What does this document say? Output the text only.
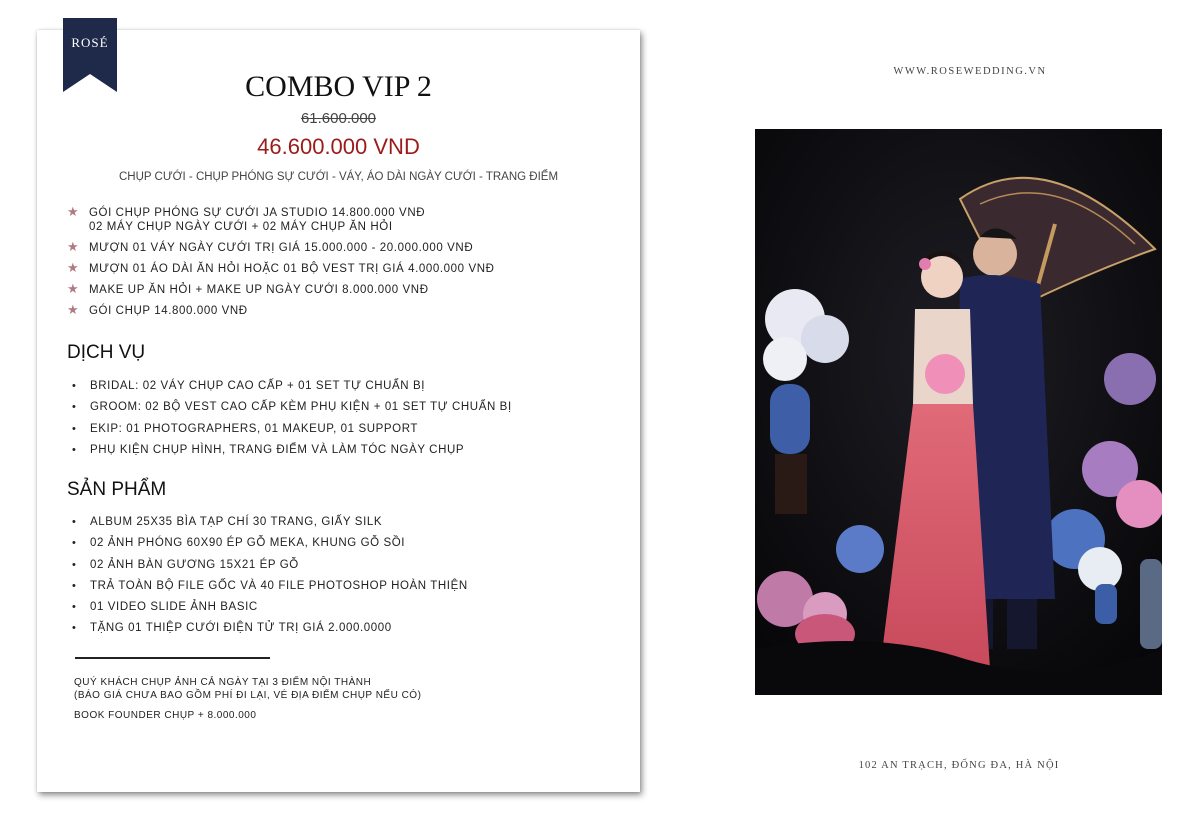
ROSÉ
COMBO VIP 2
61.600.000
46.600.000 VND
CHỤP CƯỚI - CHỤP PHÓNG SỰ CƯỚI - VÁY, ÁO DÀI NGÀY CƯỚI - TRANG ĐIỂM
★ GÓI CHỤP PHÓNG SỰ CƯỚI JA STUDIO 14.800.000 VNĐ
02 MÁY CHỤP NGÀY CƯỚI + 02 MÁY CHỤP ĂN HỎI
★ MƯỢN 01 VÁY NGÀY CƯỚI TRỊ GIÁ 15.000.000 - 20.000.000 VNĐ
★ MƯỢN 01 ÁO DÀI ĂN HỎI HOẶC 01 BỘ VEST TRỊ GIÁ 4.000.000 VNĐ
★ MAKE UP ĂN HỎI + MAKE UP NGÀY CƯỚI 8.000.000 VNĐ
★ GÓI CHỤP 14.800.000 VNĐ
DỊCH VỤ
• BRIDAL: 02 VÁY CHỤP CAO CẤP + 01 SET TỰ CHUẨN BỊ
• GROOM: 02 BỘ VEST CAO CẤP KÈM PHỤ KIỆN + 01 SET TỰ CHUẨN BỊ
• EKIP: 01 PHOTOGRAPHERS, 01 MAKEUP, 01 SUPPORT
• PHỤ KIỆN CHỤP HÌNH, TRANG ĐIỂM VÀ LÀM TÓC NGÀY CHỤP
SẢN PHẨM
• ALBUM 25X35 BÌA TẠP CHÍ 30 TRANG, GIẤY SILK
• 02 ẢNH PHÓNG 60X90 ÉP GỖ MEKA, KHUNG GỖ SỒI
• 02 ẢNH BÀN GƯƠNG 15X21 ÉP GỖ
• TRẢ TOÀN BỘ FILE GỐC VÀ 40 FILE PHOTOSHOP HOÀN THIỆN
• 01 VIDEO SLIDE ẢNH BASIC
• TẶNG 01 THIỆP CƯỚI ĐIỆN TỬ TRỊ GIÁ 2.000.0000
QUÝ KHÁCH CHỤP ẢNH CẢ NGÀY TẠI 3 ĐIỂM NỘI THÀNH
(BÁO GIÁ CHƯA BAO GỒM PHÍ ĐI LẠI, VÉ ĐỊA ĐIỂM CHỤP NẾU CÓ)
BOOK FOUNDER CHỤP + 8.000.000
WWW.ROSEWEDDING.VN
102 AN TRẠCH, ĐỐNG ĐA, HÀ NỘI
